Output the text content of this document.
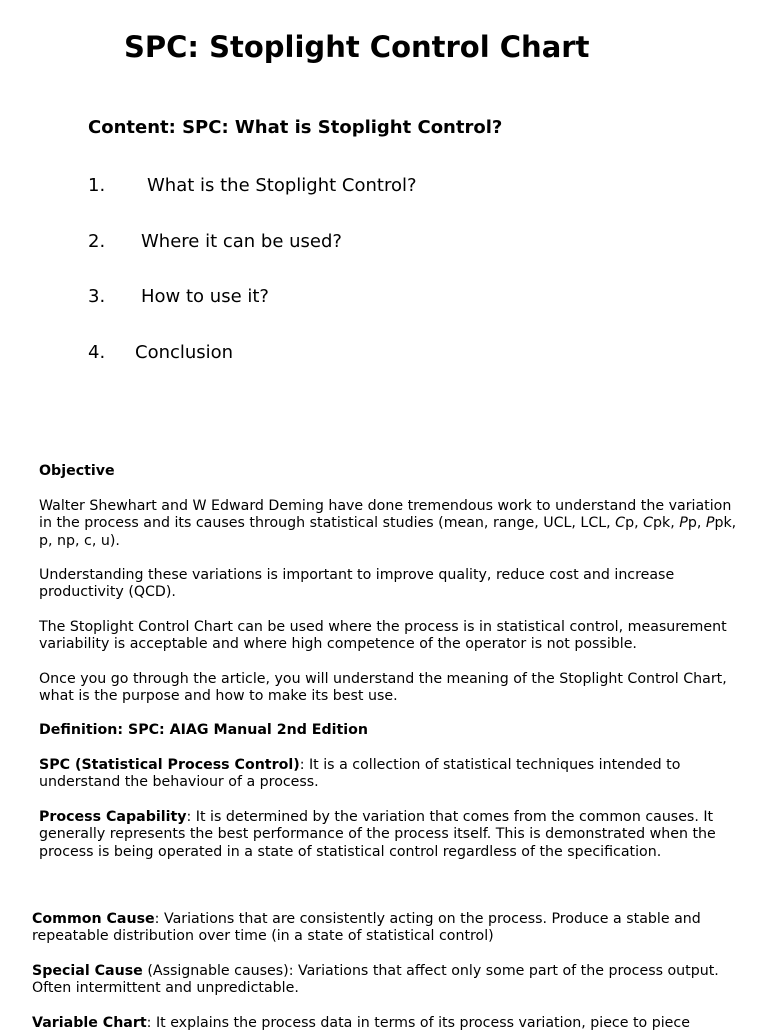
SPC: Stoplight Control Chart
Content: SPC: What is Stoplight Control?
1. What is the Stoplight Control?
2. Where it can be used?
3. How to use it?
4. Conclusion

Objective

Walter Shewhart and W Edward Deming have done tremendous work to understand the variation in the process and its causes through statistical studies (mean, range, UCL, LCL, Cp, Cpk, Pp, Ppk, p, np, c, u).

Understanding these variations is important to improve quality, reduce cost and increase productivity (QCD).

The Stoplight Control Chart can be used where the process is in statistical control, measurement variability is acceptable and where high competence of the operator is not possible.

Once you go through the article, you will understand the meaning of the Stoplight Control Chart, what is the purpose and how to make its best use.

Definition: SPC: AIAG Manual 2nd Edition

SPC (Statistical Process Control): It is a collection of statistical techniques intended to understand the behaviour of a process.

Process Capability: It is determined by the variation that comes from the common causes. It generally represents the best performance of the process itself. This is demonstrated when the process is being operated in a state of statistical control regardless of the specification.

Common Cause: Variations that are consistently acting on the process. Produce a stable and repeatable distribution over time (in a state of statistical control)

Special Cause (Assignable causes): Variations that affect only some part of the process output. Often intermittent and unpredictable.

Variable Chart: It explains the process data in terms of its process variation, piece to piece
